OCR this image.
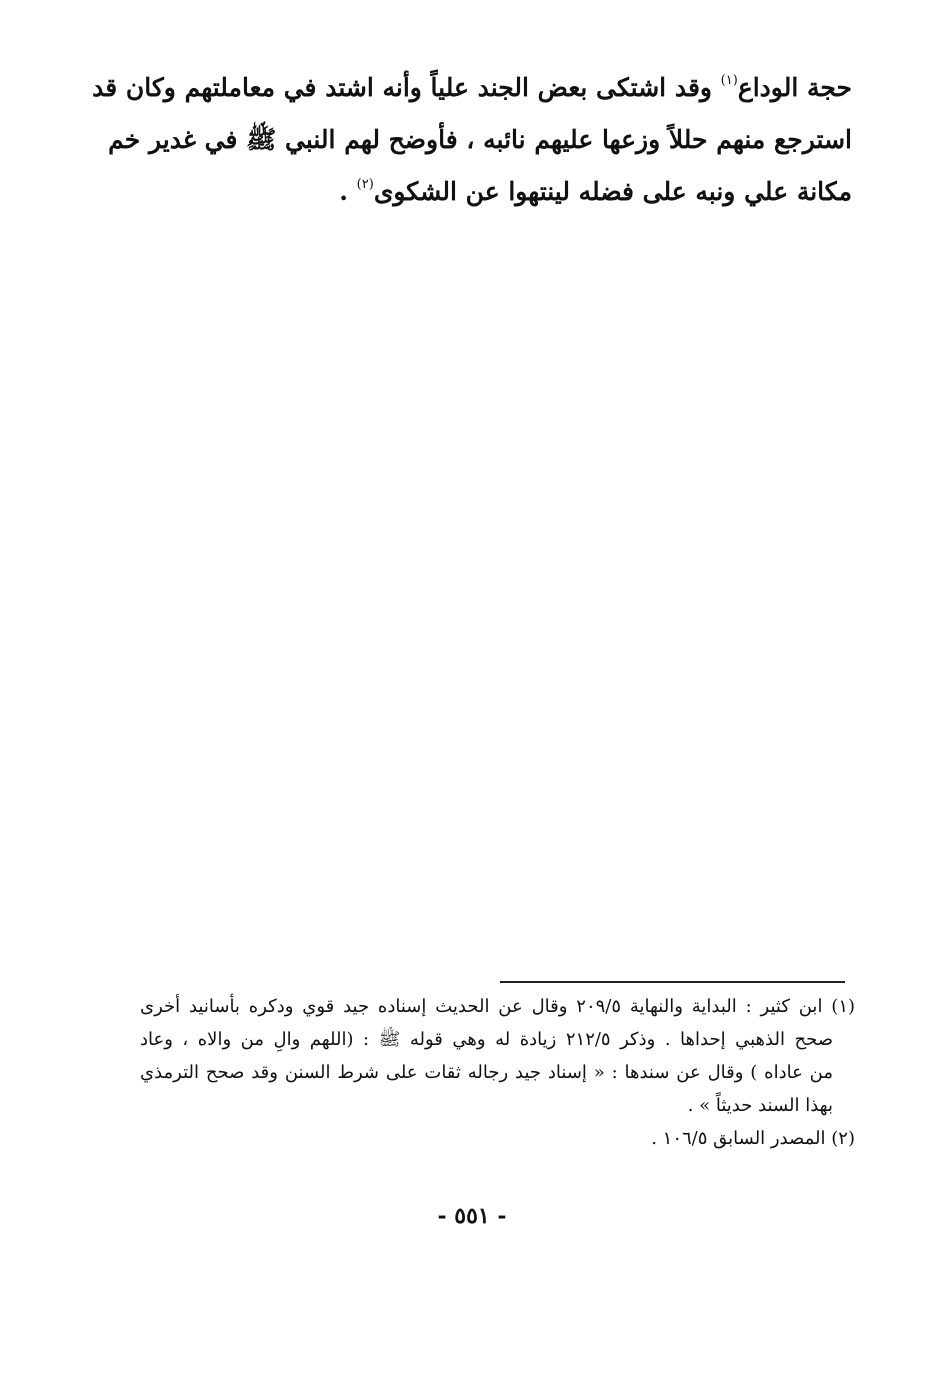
حجة الوداع$^{(١)}$ وقد اشتكى بعض الجند علياً وأنه اشتد في معاملتهم وكان قد
استرجع منهم حللاً وزعها عليهم نائبه ، فأوضح لهم النبي ﷺ في غدير خم
مكانة علي ونبه على فضله لينتهوا عن الشكوى$^{(٢)}$ .
(١) ابن كثير : البداية والنهاية ٢٠٩/٥ وقال عن الحديث إسناده جيد قوي ودكره بأسانيد أخرى
صحح الذهبي إحداها . وذكر ٢١٢/٥ زيادة له وهي قوله ﷺ : (اللهم والِ من والاه ، وعاد
من عاداه ) وقال عن سندها : « إسناد جيد رجاله ثقات على شرط السنن وقد صحح الترمذي
بهذا السند حديثاً » .
(٢) المصدر السابق ١٠٦/٥ .
- ٥٥١ -
